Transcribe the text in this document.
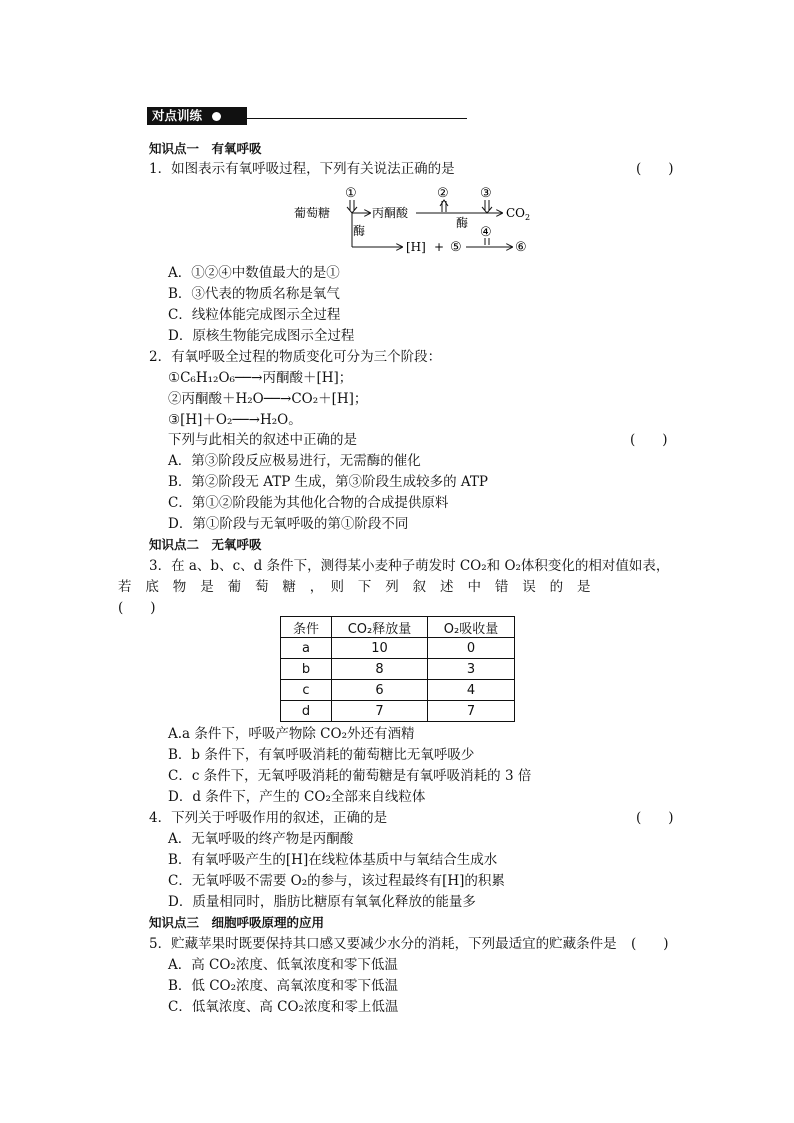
对点训练
知识点一　有氧呼吸
1．如图表示有氧呼吸过程，下列有关说法正确的是	(　　)
葡萄糖
①
丙酮酸
酶
② ③
酶
$CO_2$
[H] + ⑤
④
⑥
A．①②④中数值最大的是①
B．③代表的物质名称是氧气
C．线粒体能完成图示全过程
D．原核生物能完成图示全过程
2．有氧呼吸全过程的物质变化可分为三个阶段：
①C₆H₁₂O₆──→丙酮酸＋[H]；
②丙酮酸＋H₂O──→CO₂＋[H]；
③[H]＋O₂──→H₂O。
下列与此相关的叙述中正确的是	(　　)
A．第③阶段反应极易进行，无需酶的催化
B．第②阶段无 ATP 生成，第③阶段生成较多的 ATP
C．第①②阶段能为其他化合物的合成提供原料
D．第①阶段与无氧呼吸的第①阶段不同
知识点二　无氧呼吸
3．在 a、b、c、d 条件下，测得某小麦种子萌发时 CO₂和 O₂体积变化的相对值如表，
若　底　物　是　葡　萄　糖　，　则　下　列　叙　述　中　错　误　的　是
(　　)
条件	CO₂释放量	O₂吸收量
a	10	0
b	8	3
c	6	4
d	7	7
A.a 条件下，呼吸产物除 CO₂外还有酒精
B．b 条件下，有氧呼吸消耗的葡萄糖比无氧呼吸少
C．c 条件下，无氧呼吸消耗的葡萄糖是有氧呼吸消耗的 3 倍
D．d 条件下，产生的 CO₂全部来自线粒体
4．下列关于呼吸作用的叙述，正确的是	(　　)
A．无氧呼吸的终产物是丙酮酸
B．有氧呼吸产生的[H]在线粒体基质中与氧结合生成水
C．无氧呼吸不需要 O₂的参与，该过程最终有[H]的积累
D．质量相同时，脂肪比糖原有氧氧化释放的能量多
知识点三　细胞呼吸原理的应用
5．贮藏苹果时既要保持其口感又要减少水分的消耗，下列最适宜的贮藏条件是 (　　)
A．高 CO₂浓度、低氧浓度和零下低温
B．低 CO₂浓度、高氧浓度和零下低温
C．低氧浓度、高 CO₂浓度和零上低温
